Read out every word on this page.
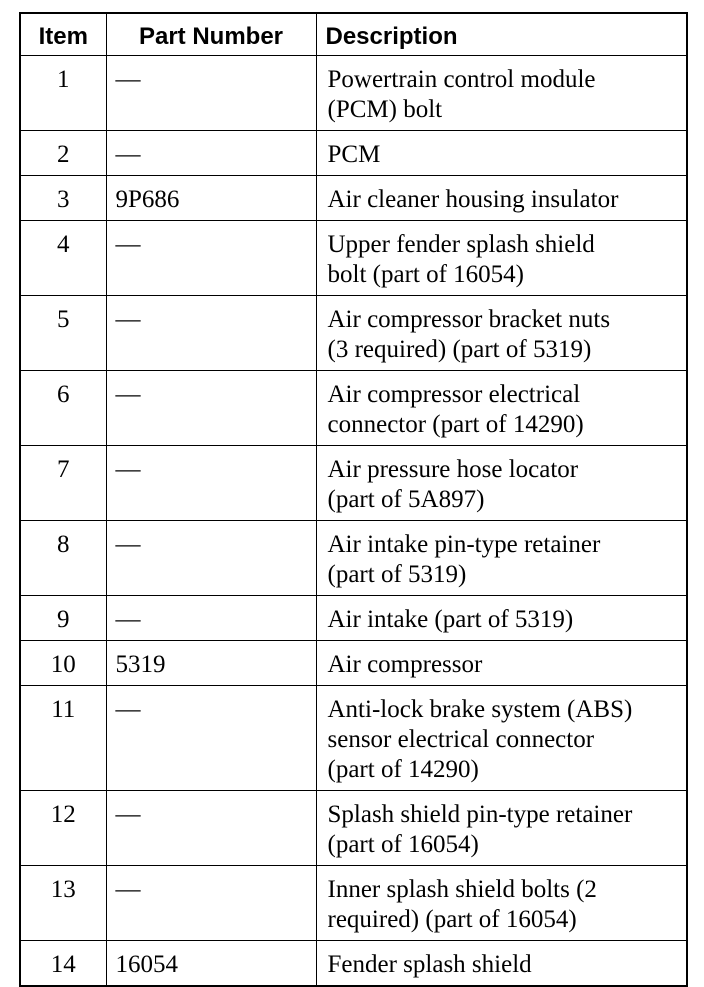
Item	Part Number	Description
1	—	Powertrain control module
(PCM) bolt

2	—	PCM

3	9P686	Air cleaner housing insulator

4	—	Upper fender splash shield
bolt (part of 16054)

5	—	Air compressor bracket nuts
(3 required) (part of 5319)

6	—	Air compressor electrical
connector (part of 14290)

7	—	Air pressure hose locator
(part of 5A897)

8	—	Air intake pin-type retainer
(part of 5319)

9	—	Air intake (part of 5319)

10	5319	Air compressor

11	—	Anti-lock brake system (ABS)
sensor electrical connector
(part of 14290)

12	—	Splash shield pin-type retainer
(part of 16054)

13	—	Inner splash shield bolts (2
required) (part of 16054)

14	16054	Fender splash shield
